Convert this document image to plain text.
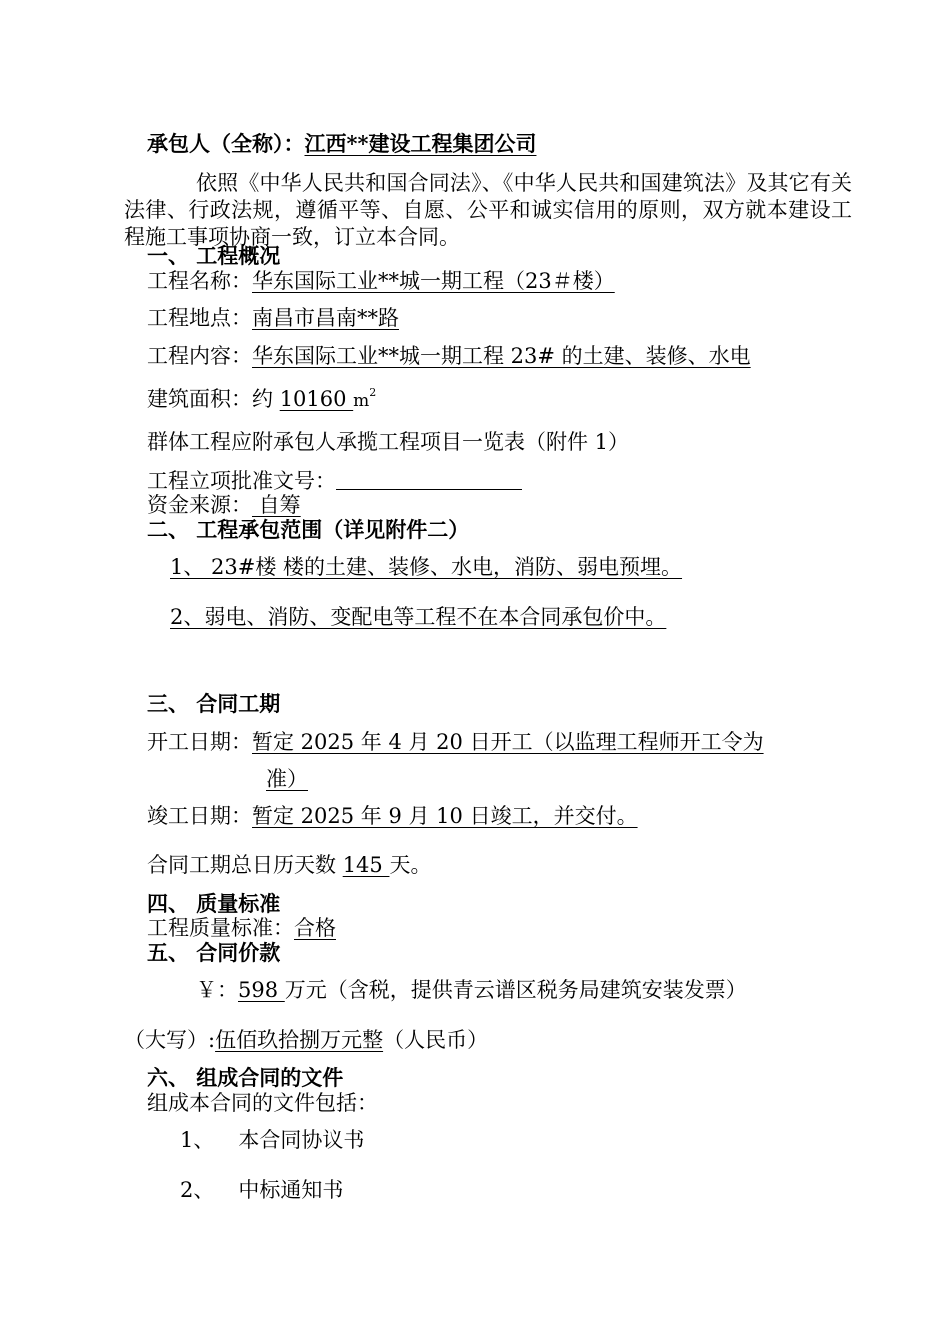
承包人（全称）：江西**建设工程集团公司
依照《中华人民共和国合同法》、《中华人民共和国建筑法》及其它有关法律、行政法规，遵循平等、自愿、公平和诚实信用的原则，双方就本建设工程施工事项协商一致，订立本合同。
一、 工程概况
工程名称：华东国际工业**城一期工程（23＃楼）
工程地点：南昌市昌南**路
工程内容：华东国际工业**城一期工程 23# 的土建、装修、水电
建筑面积：约 10160 $m^2$
群体工程应附承包人承揽工程项目一览表（附件 1）
工程立项批准文号：
资金来源： 自筹
二、 工程承包范围（详见附件二）
1、 23#楼 楼的土建、装修、水电，消防、弱电预埋。
2、弱电、消防、变配电等工程不在本合同承包价中。
三、 合同工期
开工日期：暂定 2025 年 4 月 20 日开工（以监理工程师开工令为
准）
竣工日期：暂定 2025 年 9 月 10 日竣工，并交付。
合同工期总日历天数 145 天。
四、 质量标准
工程质量标准：合格
五、 合同价款
￥：598 万元（含税，提供青云谱区税务局建筑安装发票）
（大写）:伍佰玖拾捌万元整（人民币）
六、 组成合同的文件
组成本合同的文件包括：
1、 本合同协议书
2、 中标通知书
